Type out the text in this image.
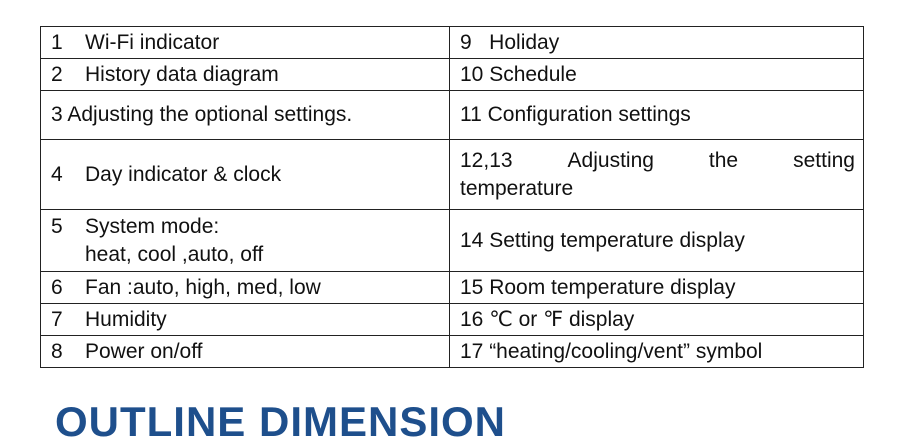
1 Wi-Fi indicator	9   Holiday
2 History data diagram	10 Schedule
3 Adjusting the optional settings.	11 Configuration settings
4 Day indicator & clock	12,13 Adjusting the setting
temperature

5 System mode:
heat, cool ,auto, off	14 Setting temperature display
6 Fan :auto, high, med, low	15 Room temperature display
7 Humidity	16 ℃ or ℉ display
8 Power on/off	17 “heating/cooling/vent” symbol
OUTLINE DIMENSION
